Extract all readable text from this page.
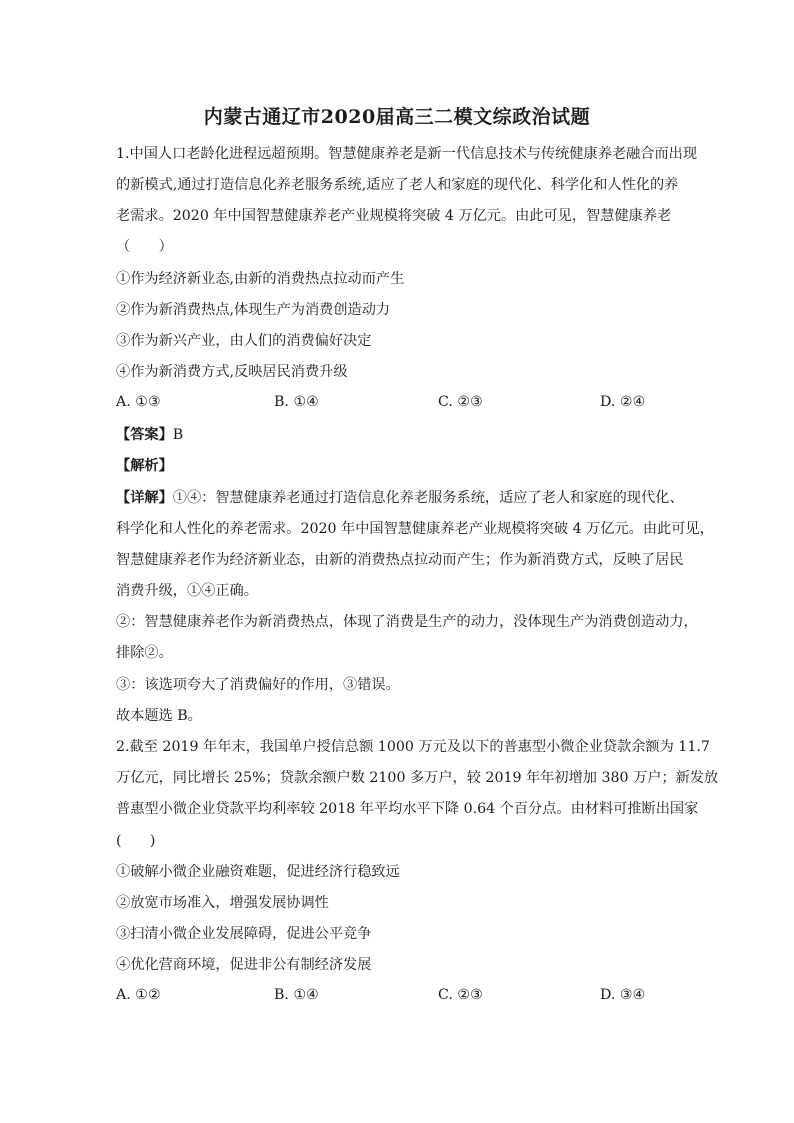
内蒙古通辽市2020届高三二模文综政治试题
1.中国人口老龄化进程远超预期。智慧健康养老是新一代信息技术与传统健康养老融合而出现
的新模式,通过打造信息化养老服务系统,适应了老人和家庭的现代化、科学化和人性化的养
老需求。2020 年中国智慧健康养老产业规模将突破 4 万亿元。由此可见，智慧健康养老
（　　）
①作为经济新业态,由新的消费热点拉动而产生
②作为新消费热点,体现生产为消费创造动力
③作为新兴产业，由人们的消费偏好决定
④作为新消费方式,反映居民消费升级
A. ①③	B. ①④	C. ②③	D. ②④
【答案】B
【解析】
【详解】①④：智慧健康养老通过打造信息化养老服务系统，适应了老人和家庭的现代化、
科学化和人性化的养老需求。2020 年中国智慧健康养老产业规模将突破 4 万亿元。由此可见，
智慧健康养老作为经济新业态，由新的消费热点拉动而产生；作为新消费方式，反映了居民
消费升级，①④正确。
②：智慧健康养老作为新消费热点，体现了消费是生产的动力，没体现生产为消费创造动力，
排除②。
③：该选项夸大了消费偏好的作用，③错误。
故本题选 B。
2.截至 2019 年年末，我国单户授信总额 1000 万元及以下的普惠型小微企业贷款余额为 11.7
万亿元，同比增长 25%；贷款余额户数 2100 多万户，较 2019 年年初增加 380 万户；新发放
普惠型小微企业贷款平均利率较 2018 年平均水平下降 0.64 个百分点。由材料可推断出国家
(　　)
①破解小微企业融资难题，促进经济行稳致远
②放宽市场准入，增强发展协调性
③扫清小微企业发展障碍，促进公平竞争
④优化营商环境，促进非公有制经济发展
A. ①②	B. ①④	C. ②③	D. ③④
